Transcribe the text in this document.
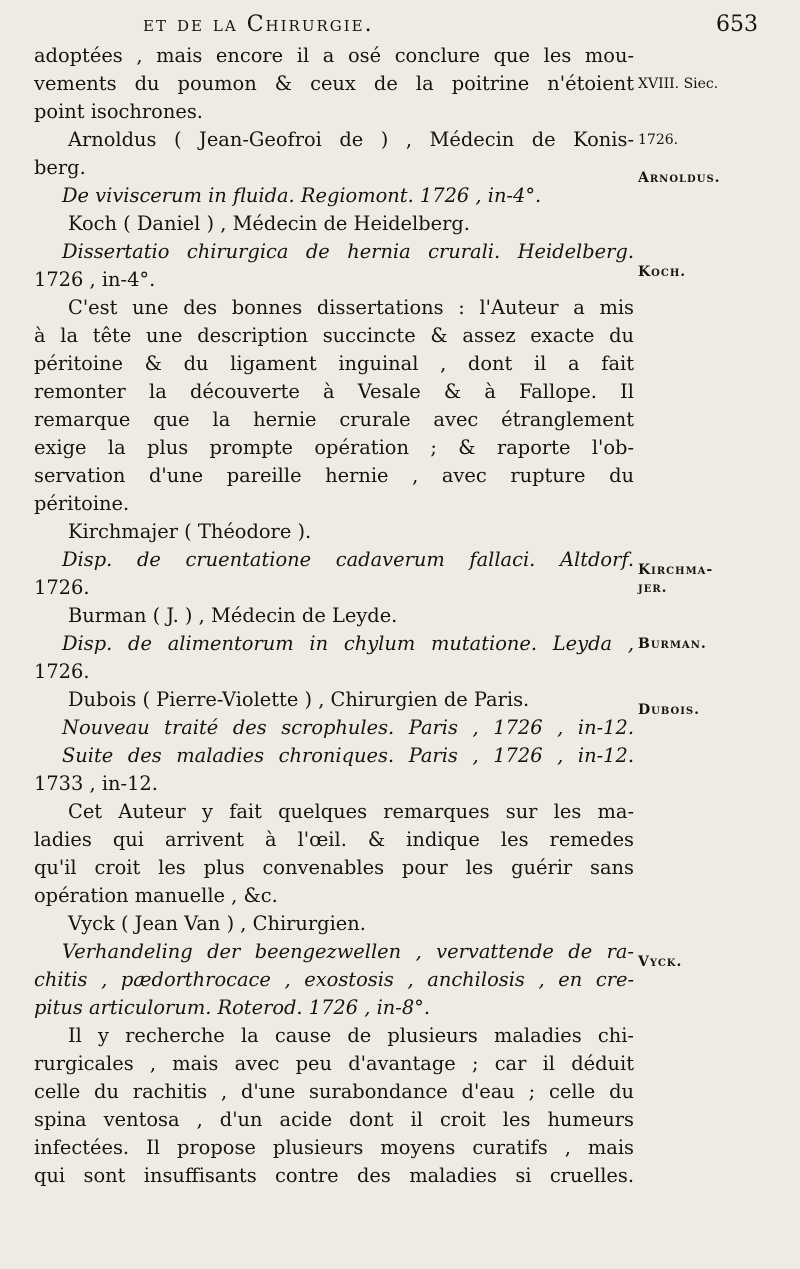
et de la Chirurgie.	653
adoptées , mais encore il a osé conclure que les mou-
vements du poumon & ceux de la poitrine n'étoient
point isochrones.
Arnoldus ( Jean-Geofroi de ) , Médecin de Konis-
berg.
De viviscerum in fluida. Regiomont. 1726 , in-4°.
Koch ( Daniel ) , Médecin de Heidelberg.
Dissertatio chirurgica de hernia crurali. Heidelberg.
1726 , in-4°.
C'est une des bonnes dissertations : l'Auteur a mis
à la tête une description succincte & assez exacte du
péritoine & du ligament inguinal , dont il a fait
remonter la découverte à Vesale & à Fallope. Il
remarque que la hernie crurale avec étranglement
exige la plus prompte opération ; & raporte l'ob-
servation d'une pareille hernie , avec rupture du
péritoine.
Kirchmajer ( Théodore ).
Disp. de cruentatione cadaverum fallaci. Altdorf.
1726.
Burman ( J. ) , Médecin de Leyde.
Disp. de alimentorum in chylum mutatione. Leyda ,
1726.
Dubois ( Pierre-Violette ) , Chirurgien de Paris.
Nouveau traité des scrophules. Paris , 1726 , in-12.
Suite des maladies chroniques. Paris , 1726 , in-12.
1733 , in-12.
Cet Auteur y fait quelques remarques sur les ma-
ladies qui arrivent à l'œil. & indique les remedes
qu'il croit les plus convenables pour les guérir sans
opération manuelle , &c.
Vyck ( Jean Van ) , Chirurgien.
Verhandeling der beengezwellen , vervattende de ra-
chitis , pædorthrocace , exostosis , anchilosis , en cre-
pitus articulorum. Roterod. 1726 , in-8°.
Il y recherche la cause de plusieurs maladies chi-
rurgicales , mais avec peu d'avantage ; car il déduit
celle du rachitis , d'une surabondance d'eau ; celle du
spina ventosa , d'un acide dont il croit les humeurs
infectées. Il propose plusieurs moyens curatifs , mais
qui sont insuffisants contre des maladies si cruelles.
XVIII. Siec.
1726.
Arnoldus.
Koch.
Kirchma-
jer.
Burman.
Dubois.
Vyck.
